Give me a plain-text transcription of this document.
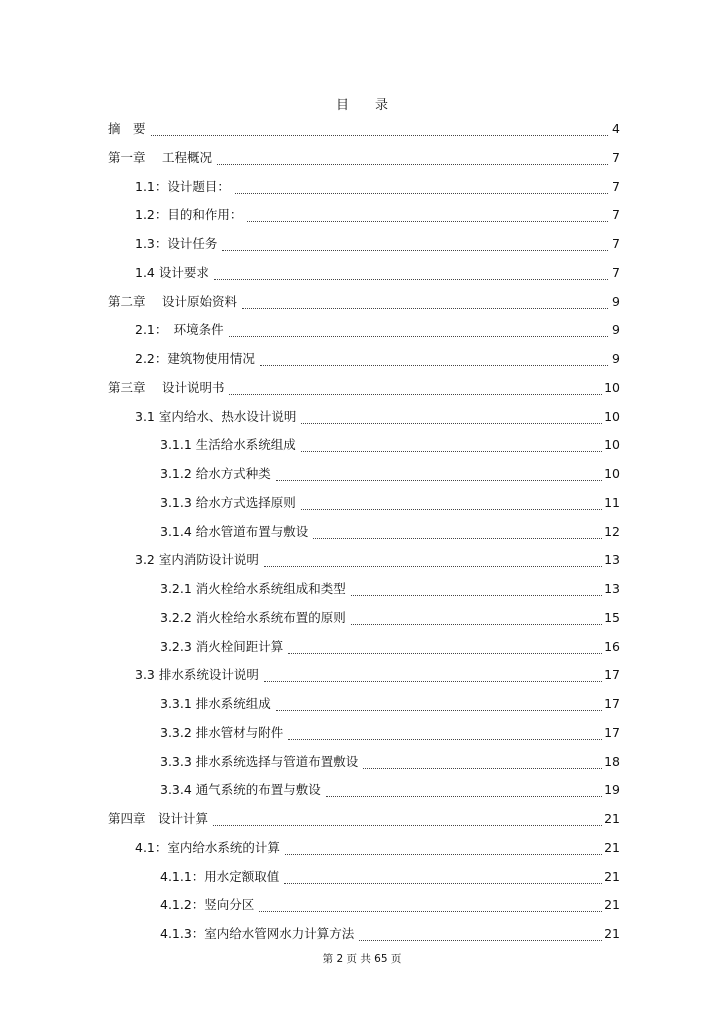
目 录
摘　要	4
第一章　 工程概况	7
1.1：设计题目：	7
1.2：目的和作用：	7
1.3：设计任务	7
1.4 设计要求	7
第二章　 设计原始资料	9
2.1：　环境条件	9
2.2：建筑物使用情况	9
第三章　 设计说明书	10
3.1 室内给水、热水设计说明	10
3.1.1 生活给水系统组成	10
3.1.2 给水方式种类	10
3.1.3 给水方式选择原则	11
3.1.4 给水管道布置与敷设	12
3.2 室内消防设计说明	13
3.2.1 消火栓给水系统组成和类型	13
3.2.2 消火栓给水系统布置的原则	15
3.2.3 消火栓间距计算	16
3.3 排水系统设计说明	17
3.3.1 排水系统组成	17
3.3.2 排水管材与附件	17
3.3.3 排水系统选择与管道布置敷设	18
3.3.4 通气系统的布置与敷设	19
第四章　设计计算	21
4.1：室内给水系统的计算	21
4.1.1：用水定额取值	21
4.1.2：竖向分区	21
4.1.3：室内给水管网水力计算方法	21
第 2 页 共 65 页
